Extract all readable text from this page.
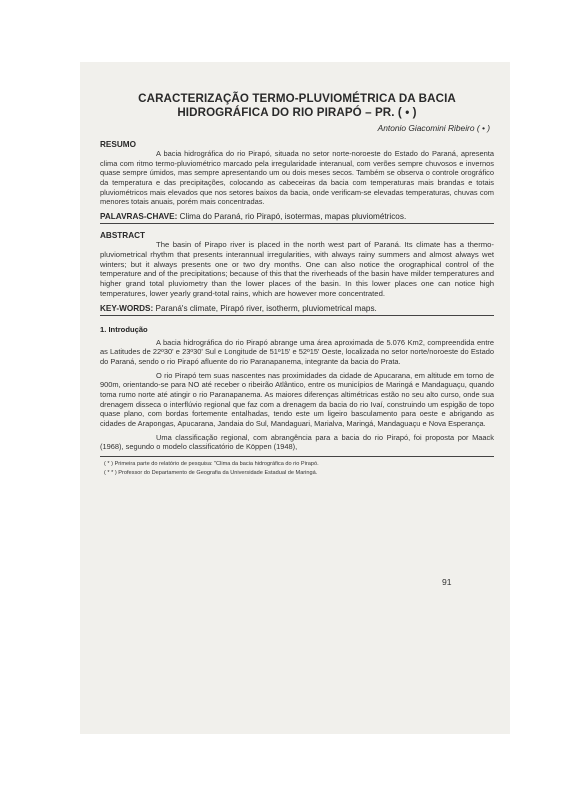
CARACTERIZAÇÃO TERMO-PLUVIOMÉTRICA DA BACIA
HIDROGRÁFICA DO RIO PIRAPÓ – PR. ( • )
Antonio Giacomini Ribeiro ( • )
RESUMO

A bacia hidrográfica do rio Pirapó, situada no setor norte-noroeste do Estado do Paraná, apresenta clima com ritmo termo-pluviométrico marcado pela irregularidade interanual, com verões sempre chuvosos e invernos quase sempre úmidos, mas sempre apresentando um ou dois meses secos. Também se observa o controle orográfico da temperatura e das precipitações, colocando as cabeceiras da bacia com temperaturas mais brandas e totais pluviométricos mais elevados que nos setores baixos da bacia, onde verificam-se elevadas temperaturas, chuvas com menores totais anuais, porém mais concentradas.

PALAVRAS-CHAVE: Clima do Paraná, rio Pirapó, isotermas, mapas pluviométricos.
ABSTRACT

The basin of Pirapo river is placed in the north west part of Paraná. Its climate has a thermo-pluviometrical rhythm that presents interannual irregularities, with always rainy summers and almost always wet winters; but it always presents one or two dry months. One can also notice the orographical control of the temperature and of the precipitations; because of this that the riverheads of the basin have milder temperatures and higher grand total pluviometry than the lower places of the basin. In this lower places one can notice high temperatures, lower yearly grand-total rains, which are however more concentrated.

KEY-WORDS: Paraná's climate, Pirapó river, isotherm, pluviometrical maps.
1. Introdução

A bacia hidrográfica do rio Pirapó abrange uma área aproximada de 5.076 Km2, compreendida entre as Latitudes de 22º30' e 23º30' Sul e Longitude de 51º15' e 52º15' Oeste, localizada no setor norte/noroeste do Estado do Paraná, sendo o rio Pirapó afluente do rio Paranapanema, integrante da bacia do Prata.

O rio Pirapó tem suas nascentes nas proximidades da cidade de Apucarana, em altitude em torno de 900m, orientando-se para NO até receber o ribeirão Atlântico, entre os municípios de Maringá e Mandaguaçu, quando toma rumo norte até atingir o rio Paranapanema. As maiores diferenças altimétricas estão no seu alto curso, onde sua drenagem disseca o interflúvio regional que faz com a drenagem da bacia do rio Ivaí, construindo um espigão de topo quase plano, com bordas fortemente entalhadas, tendo este um ligeiro basculamento para oeste e abrigando as cidades de Arapongas, Apucarana, Jandaia do Sul, Mandaguari, Marialva, Maringá, Mandaguaçu e Nova Esperança.

Uma classificação regional, com abrangência para a bacia do rio Pirapó, foi proposta por Maack (1968), segundo o modelo classificatório de Köppen (1948),

( * ) Primeira parte do relatório de pesquisa: "Clima da bacia hidrográfica do rio Pirapó.
( * * ) Professor do Departamento de Geografia da Universidade Estadual de Maringá.
91
